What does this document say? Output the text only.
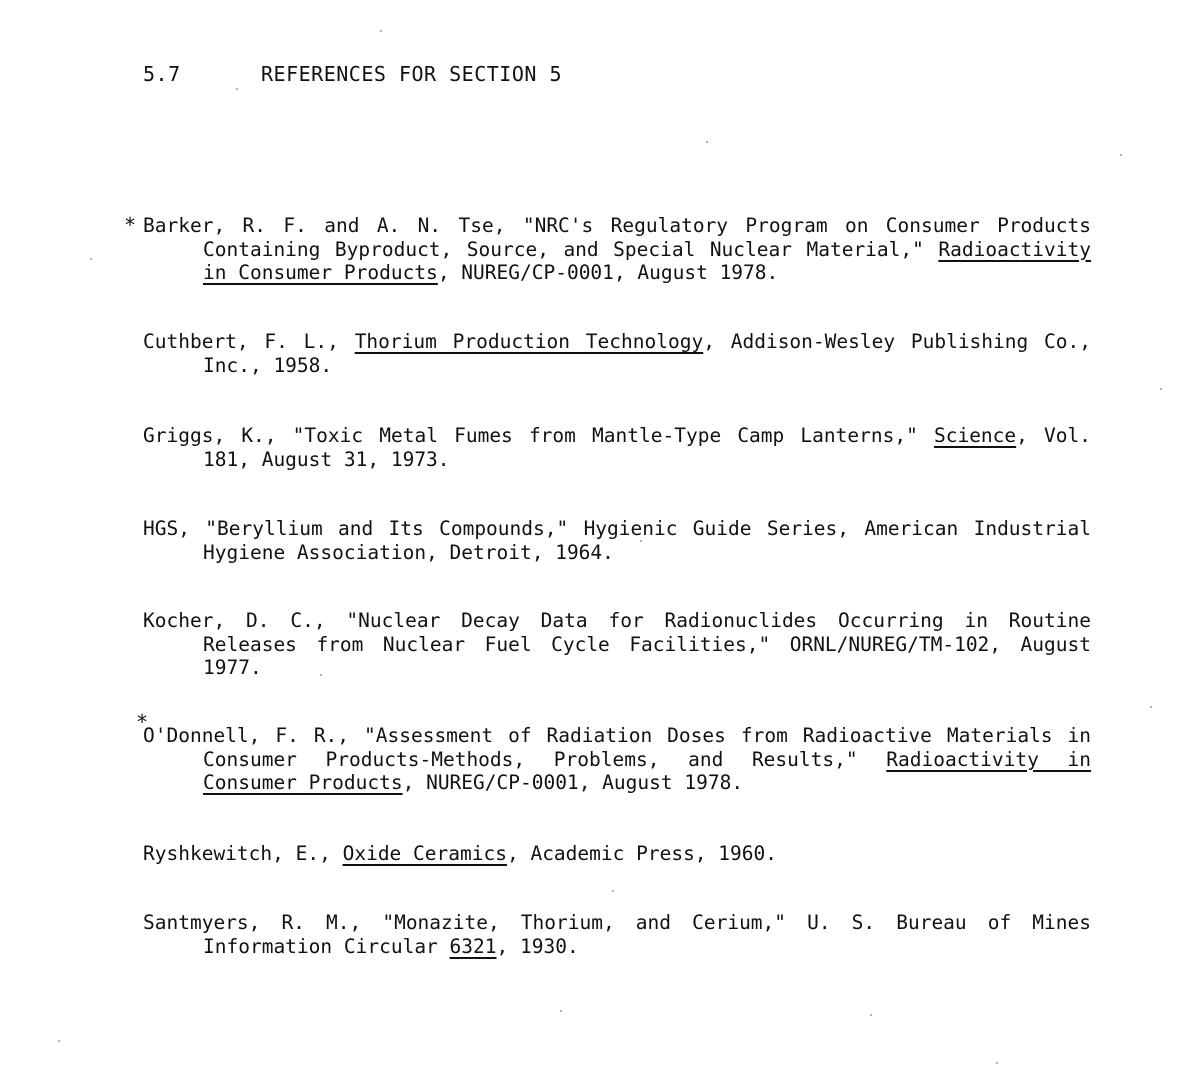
5.7	REFERENCES FOR SECTION 5
* Barker, R. F. and A. N. Tse, "NRC's Regulatory Program on Consumer Products Containing Byproduct, Source, and Special Nuclear Material," Radioactivity in Consumer Products, NUREG/CP-0001, August 1978.
Cuthbert, F. L., Thorium Production Technology, Addison-Wesley Publishing Co., Inc., 1958.
Griggs, K., "Toxic Metal Fumes from Mantle-Type Camp Lanterns," Science, Vol. 181, August 31, 1973.
HGS, "Beryllium and Its Compounds," Hygienic Guide Series, American Industrial Hygiene Association, Detroit, 1964.
Kocher, D. C., "Nuclear Decay Data for Radionuclides Occurring in Routine Releases from Nuclear Fuel Cycle Facilities," ORNL/NUREG/TM-102, August 1977.
*
O'Donnell, F. R., "Assessment of Radiation Doses from Radioactive Materials in Consumer Products-Methods, Problems, and Results," Radioactivity in Consumer Products, NUREG/CP-0001, August 1978.
Ryshkewitch, E., Oxide Ceramics, Academic Press, 1960.
Santmyers, R. M., "Monazite, Thorium, and Cerium," U. S. Bureau of Mines Information Circular 6321, 1930.
